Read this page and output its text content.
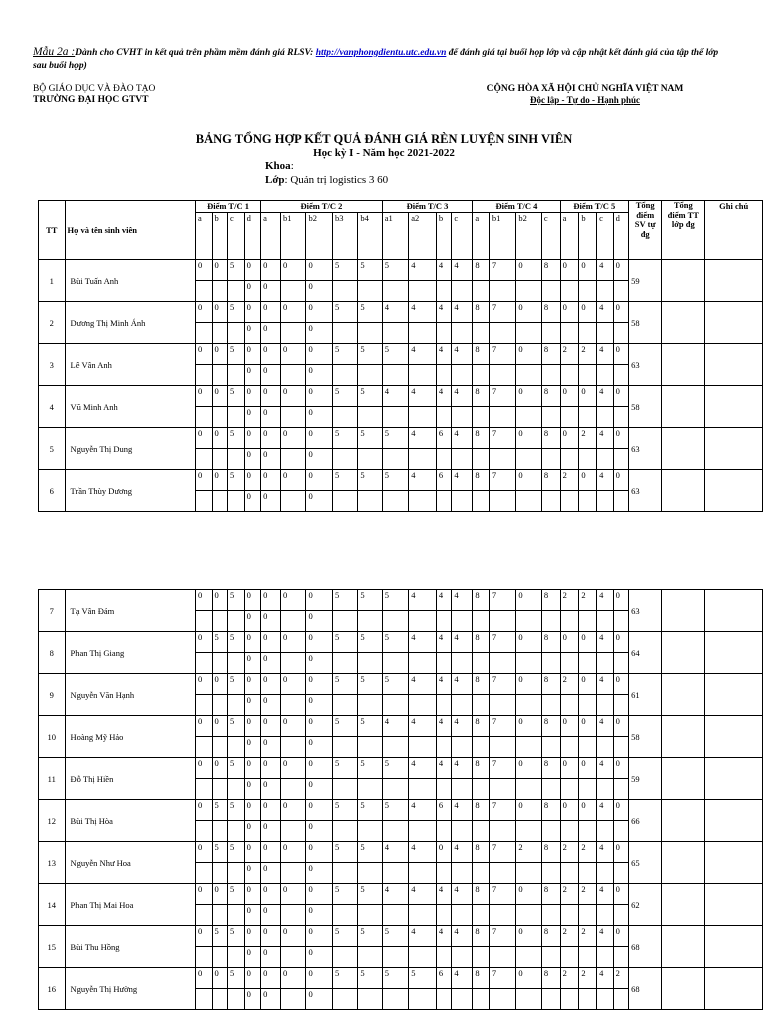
Mẫu 2a :Dành cho CVHT in kết quả trên phầm mềm đánh giá RLSV: http://vanphongdientu.utc.edu.vn để đánh giá tại buổi họp lớp và cập nhật kết đánh giá của tập thể lớp sau buổi họp)
BỘ GIÁO DỤC VÀ ĐÀO TẠO
TRƯỜNG ĐẠI HỌC GTVT
CỘNG HÒA XÃ HỘI CHỦ NGHĨA VIỆT NAM
Độc lập - Tự do - Hạnh phúc
BẢNG TỔNG HỢP KẾT QUẢ ĐÁNH GIÁ RÈN LUYỆN SINH VIÊN
Học kỳ I - Năm học 2021-2022
Khoa:
Lớp: Quản trị logistics 3 60
TT	Họ và tên sinh viên	Điểm T/C 1				Điểm T/C 2					Điểm T/C 3				Điểm T/C 4				Điểm T/C 5				Tổng điểm SV tự đg	Tổng điểm TT lớp đg	Ghi chú
		a	b	c	d	a	b1	b2	b3	b4	a1	a2	b	c	a	b1	b2	c	a	b	c	d			
1	Bùi Tuấn Anh	0	0	5	0	0	0	0	5	5	5	4	4	4	8	7	0	8	0	0	4	0	59		
					0	0		0																	
2	Dương Thị Minh Ánh	0	0	5	0	0	0	0	5	5	4	4	4	4	8	7	0	8	0	0	4	0	58		
					0	0		0																	
3	Lê Vân Anh	0	0	5	0	0	0	0	5	5	5	4	4	4	8	7	0	8	2	2	4	0	63		
					0	0		0																	
4	Vũ Minh Anh	0	0	5	0	0	0	0	5	5	4	4	4	4	8	7	0	8	0	0	4	0	58		
					0	0		0																	
5	Nguyễn Thị Dung	0	0	5	0	0	0	0	5	5	5	4	6	4	8	7	0	8	0	2	4	0	63		
					0	0		0																	
6	Trần Thùy Dương	0	0	5	0	0	0	0	5	5	5	4	6	4	8	7	0	8	2	0	4	0	63		
					0	0		0																	
7	Tạ Vân Đám	0	0	5	0	0	0	0	5	5	5	4	4	4	8	7	0	8	2	2	4	0	63		
					0	0		0																	
8	Phan Thị Giang	0	5	5	0	0	0	0	5	5	5	4	4	4	8	7	0	8	0	0	4	0	64		
					0	0		0																	
9	Nguyễn Văn Hạnh	0	0	5	0	0	0	0	5	5	5	4	4	4	8	7	0	8	2	0	4	0	61		
					0	0		0																	
10	Hoàng Mỹ Hảo	0	0	5	0	0	0	0	5	5	4	4	4	4	8	7	0	8	0	0	4	0	58		
					0	0		0																	
11	Đỗ Thị Hiền	0	0	5	0	0	0	0	5	5	5	4	4	4	8	7	0	8	0	0	4	0	59		
					0	0		0																	
12	Bùi Thị Hòa	0	5	5	0	0	0	0	5	5	5	4	6	4	8	7	0	8	0	0	4	0	66		
					0	0		0																	
13	Nguyễn Như Hoa	0	5	5	0	0	0	0	5	5	4	4	0	4	8	7	2	8	2	2	4	0	65		
					0	0		0																	
14	Phan Thị Mai Hoa	0	0	5	0	0	0	0	5	5	4	4	4	4	8	7	0	8	2	2	4	0	62		
					0	0		0																	
15	Bùi Thu Hồng	0	5	5	0	0	0	0	5	5	5	4	4	4	8	7	0	8	2	2	4	0	68		
					0	0		0																	
16	Nguyễn Thị Hường	0	0	5	0	0	0	0	5	5	5	5	6	4	8	7	0	8	2	2	4	2	68		
					0	0		0																	
